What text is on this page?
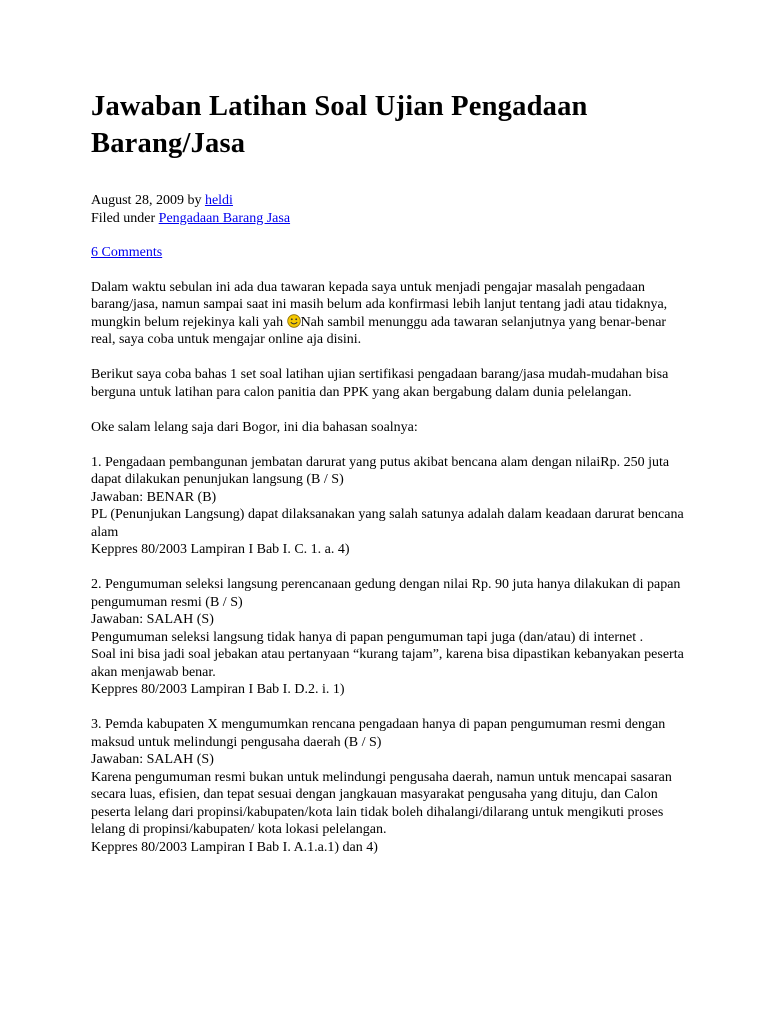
Jawaban Latihan Soal Ujian Pengadaan Barang/Jasa
August 28, 2009 by heldi
Filed under Pengadaan Barang Jasa
6 Comments

Dalam waktu sebulan ini ada dua tawaran kepada saya untuk menjadi pengajar masalah pengadaan barang/jasa, namun sampai saat ini masih belum ada konfirmasi lebih lanjut tentang jadi atau tidaknya, mungkin belum rejekinya kali yah Nah sambil menunggu ada tawaran selanjutnya yang benar-benar real, saya coba untuk mengajar online aja disini.

Berikut saya coba bahas 1 set soal latihan ujian sertifikasi pengadaan barang/jasa mudah-mudahan bisa berguna untuk latihan para calon panitia dan PPK yang akan bergabung dalam dunia pelelangan.

Oke salam lelang saja dari Bogor, ini dia bahasan soalnya:

1. Pengadaan pembangunan jembatan darurat yang putus akibat bencana alam dengan nilaiRp. 250 juta dapat dilakukan penunjukan langsung (B / S)
Jawaban: BENAR (B)
PL (Penunjukan Langsung) dapat dilaksanakan yang salah satunya adalah dalam keadaan darurat bencana alam
Keppres 80/2003 Lampiran I Bab I. C. 1. a. 4)

2. Pengumuman seleksi langsung perencanaan gedung dengan nilai Rp. 90 juta hanya dilakukan di papan pengumuman resmi (B / S)
Jawaban: SALAH (S)
Pengumuman seleksi langsung tidak hanya di papan pengumuman tapi juga (dan/atau) di internet .
Soal ini bisa jadi soal jebakan atau pertanyaan “kurang tajam”, karena bisa dipastikan kebanyakan peserta akan menjawab benar.
Keppres 80/2003 Lampiran I Bab I. D.2. i. 1)

3. Pemda kabupaten X mengumumkan rencana pengadaan hanya di papan pengumuman resmi dengan maksud untuk melindungi pengusaha daerah (B / S)
Jawaban: SALAH (S)
Karena pengumuman resmi bukan untuk melindungi pengusaha daerah, namun untuk mencapai sasaran secara luas, efisien, dan tepat sesuai dengan jangkauan masyarakat pengusaha yang dituju, dan Calon peserta lelang dari propinsi/kabupaten/kota lain tidak boleh dihalangi/dilarang untuk mengikuti proses lelang di propinsi/kabupaten/ kota lokasi pelelangan.
Keppres 80/2003 Lampiran I Bab I. A.1.a.1) dan 4)
